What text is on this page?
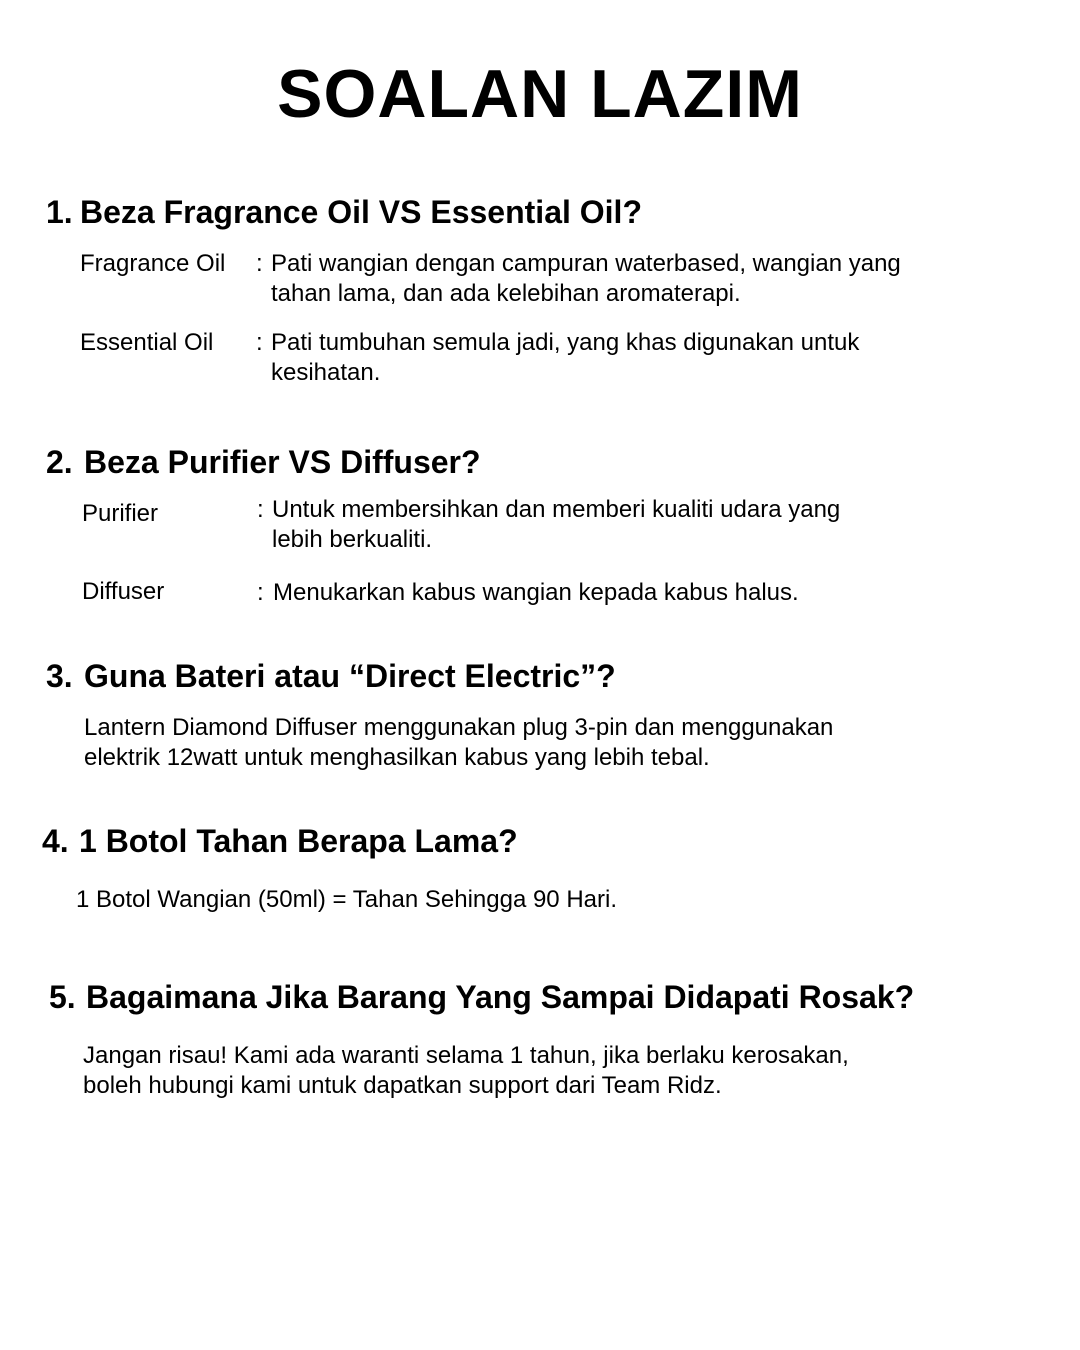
SOALAN LAZIM
1. Beza Fragrance Oil VS Essential Oil?
Fragrance Oil : Pati wangian dengan campuran waterbased, wangian yang
tahan lama, dan ada kelebihan aromaterapi.
Essential Oil : Pati tumbuhan semula jadi, yang khas digunakan untuk
kesihatan.
2. Beza Purifier VS Diffuser?
Purifier	: Untuk membersihkan dan memberi kualiti udara yang
lebih berkualiti.
Diffuser	: Menukarkan kabus wangian kepada kabus halus.
3. Guna Bateri atau “Direct Electric”?
Lantern Diamond Diffuser menggunakan plug 3-pin dan menggunakan
elektrik 12watt untuk menghasilkan kabus yang lebih tebal.
4. 1 Botol Tahan Berapa Lama?
1 Botol Wangian (50ml) = Tahan Sehingga 90 Hari.
5. Bagaimana Jika Barang Yang Sampai Didapati Rosak?
Jangan risau! Kami ada waranti selama 1 tahun, jika berlaku kerosakan,
boleh hubungi kami untuk dapatkan support dari Team Ridz.
